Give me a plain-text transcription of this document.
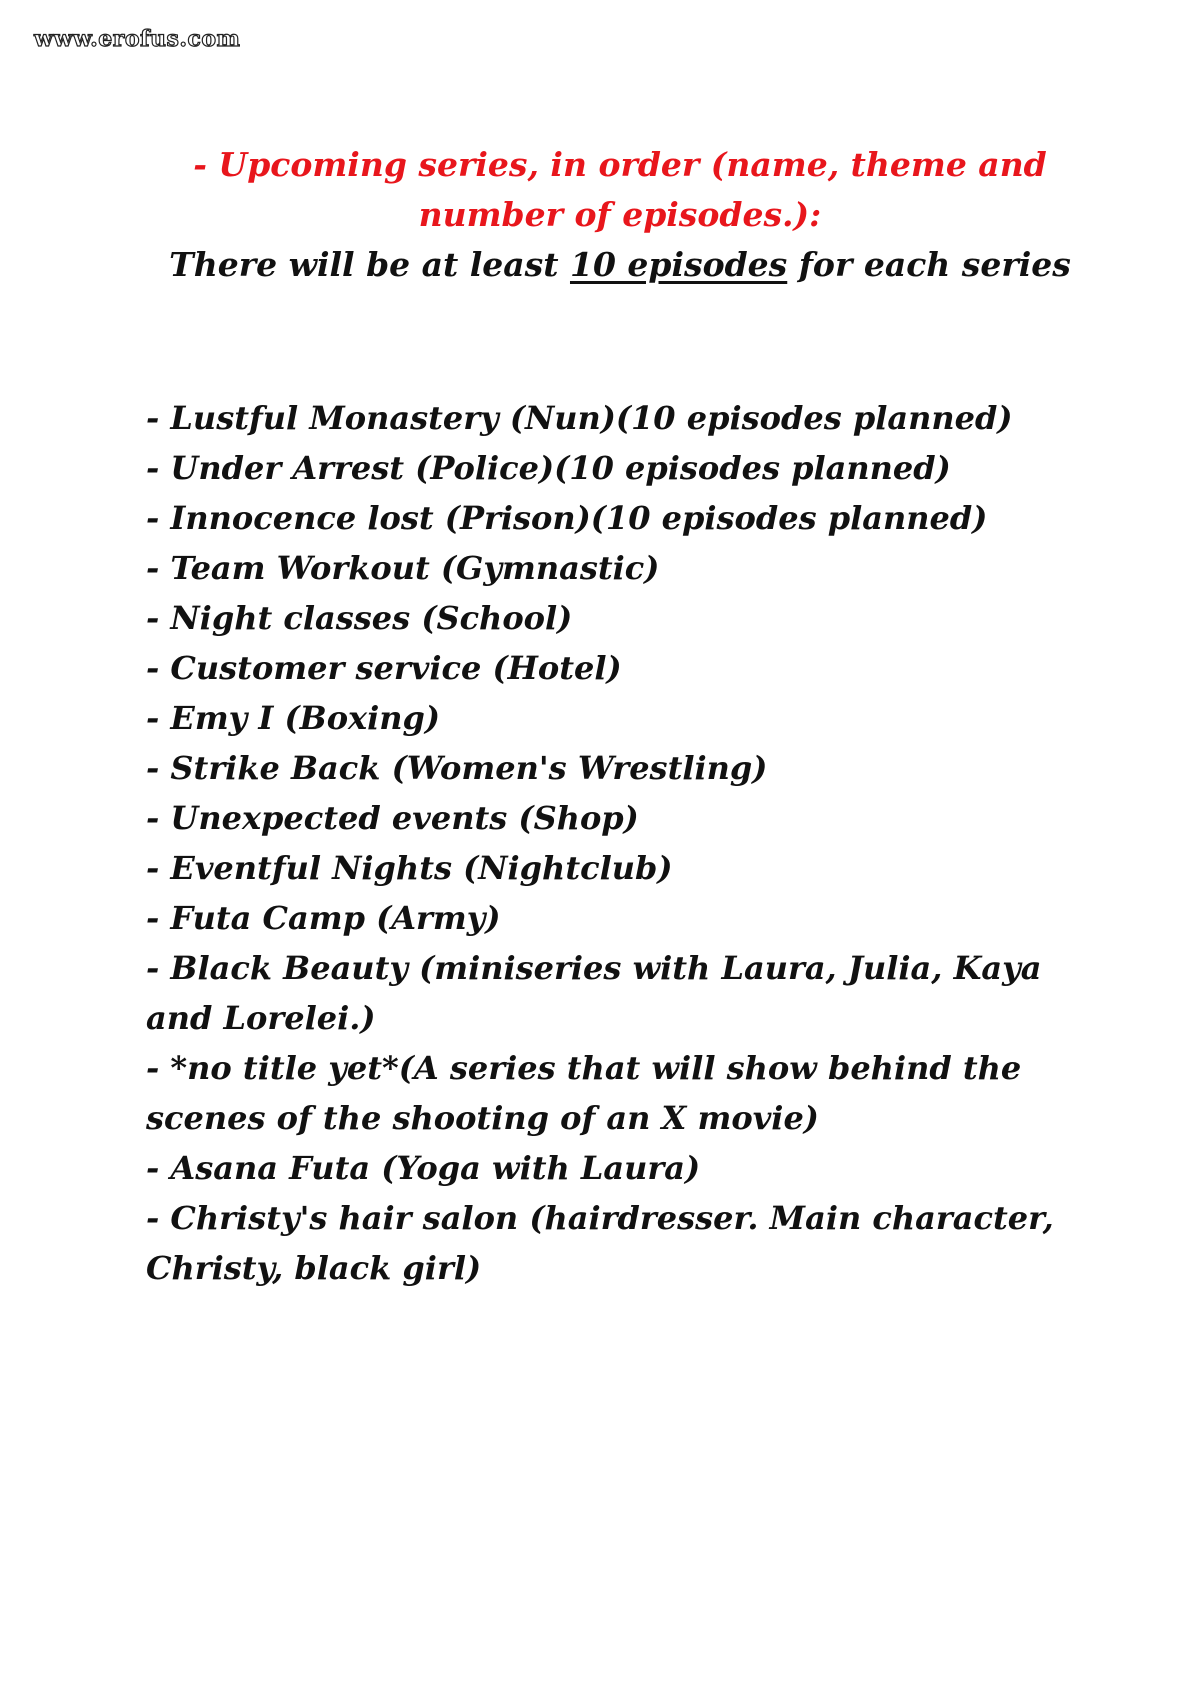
www.erofus.com

- Upcoming series, in order (name, theme and number of episodes.):

There will be at least 10 episodes for each series

- Lustful Monastery (Nun)(10 episodes planned)
- Under Arrest (Police)(10 episodes planned)
- Innocence lost (Prison)(10 episodes planned)
- Team Workout (Gymnastic)
- Night classes (School)
- Customer service (Hotel)
- Emy I (Boxing)
- Strike Back (Women's Wrestling)
- Unexpected events (Shop)
- Eventful Nights (Nightclub)
- Futa Camp (Army)
- Black Beauty (miniseries with Laura, Julia, Kaya and Lorelei.)
- *no title yet*(A series that will show behind the scenes of the shooting of an X movie)
- Asana Futa (Yoga with Laura)
- Christy's hair salon (hairdresser. Main character, Christy, black girl)
